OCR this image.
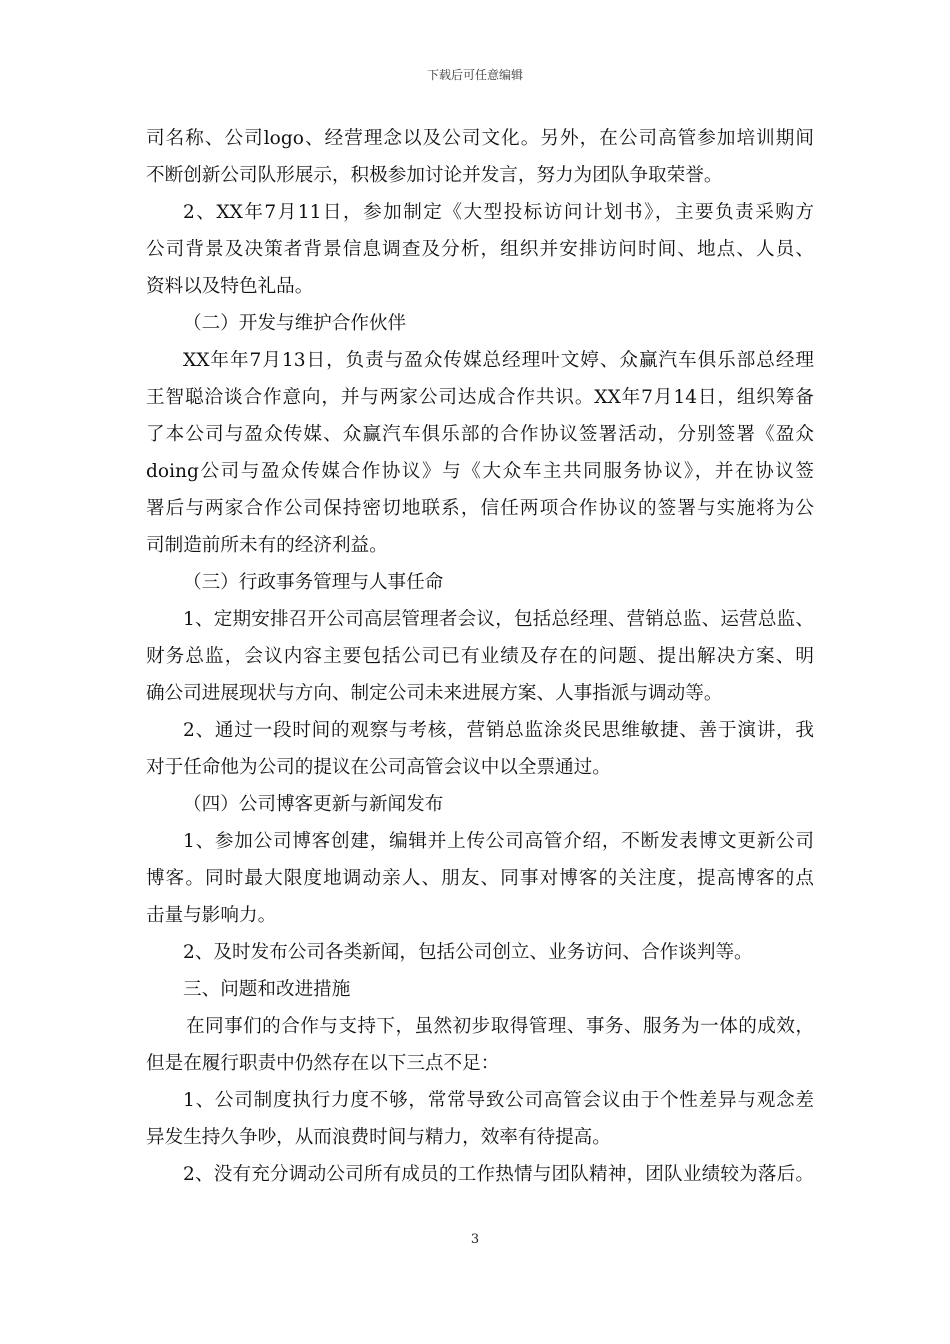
下载后可任意编辑
司名称、公司logo、经营理念以及公司文化。另外，在公司高管参加培训期间
不断创新公司队形展示，积极参加讨论并发言，努力为团队争取荣誉。
2、XX年7月11日，参加制定《大型投标访问计划书》，主要负责采购方
公司背景及决策者背景信息调查及分析，组织并安排访问时间、地点、人员、
资料以及特色礼品。
（二）开发与维护合作伙伴
XX年年7月13日，负责与盈众传媒总经理叶文婷、众赢汽车俱乐部总经理
王智聪洽谈合作意向，并与两家公司达成合作共识。XX年7月14日，组织筹备
了本公司与盈众传媒、众赢汽车俱乐部的合作协议签署活动，分别签署《盈众
doing公司与盈众传媒合作协议》与《大众车主共同服务协议》，并在协议签
署后与两家合作公司保持密切地联系，信任两项合作协议的签署与实施将为公
司制造前所未有的经济利益。
（三）行政事务管理与人事任命
1、定期安排召开公司高层管理者会议，包括总经理、营销总监、运营总监、
财务总监，会议内容主要包括公司已有业绩及存在的问题、提出解决方案、明
确公司进展现状与方向、制定公司未来进展方案、人事指派与调动等。
2、通过一段时间的观察与考核，营销总监涂炎民思维敏捷、善于演讲，我
对于任命他为公司的提议在公司高管会议中以全票通过。
（四）公司博客更新与新闻发布
1、参加公司博客创建，编辑并上传公司高管介绍，不断发表博文更新公司
博客。同时最大限度地调动亲人、朋友、同事对博客的关注度，提高博客的点
击量与影响力。
2、及时发布公司各类新闻，包括公司创立、业务访问、合作谈判等。
三、问题和改进措施
在同事们的合作与支持下，虽然初步取得管理、事务、服务为一体的成效，
但是在履行职责中仍然存在以下三点不足：
1、公司制度执行力度不够，常常导致公司高管会议由于个性差异与观念差
异发生持久争吵，从而浪费时间与精力，效率有待提高。
2、没有充分调动公司所有成员的工作热情与团队精神，团队业绩较为落后。
3
